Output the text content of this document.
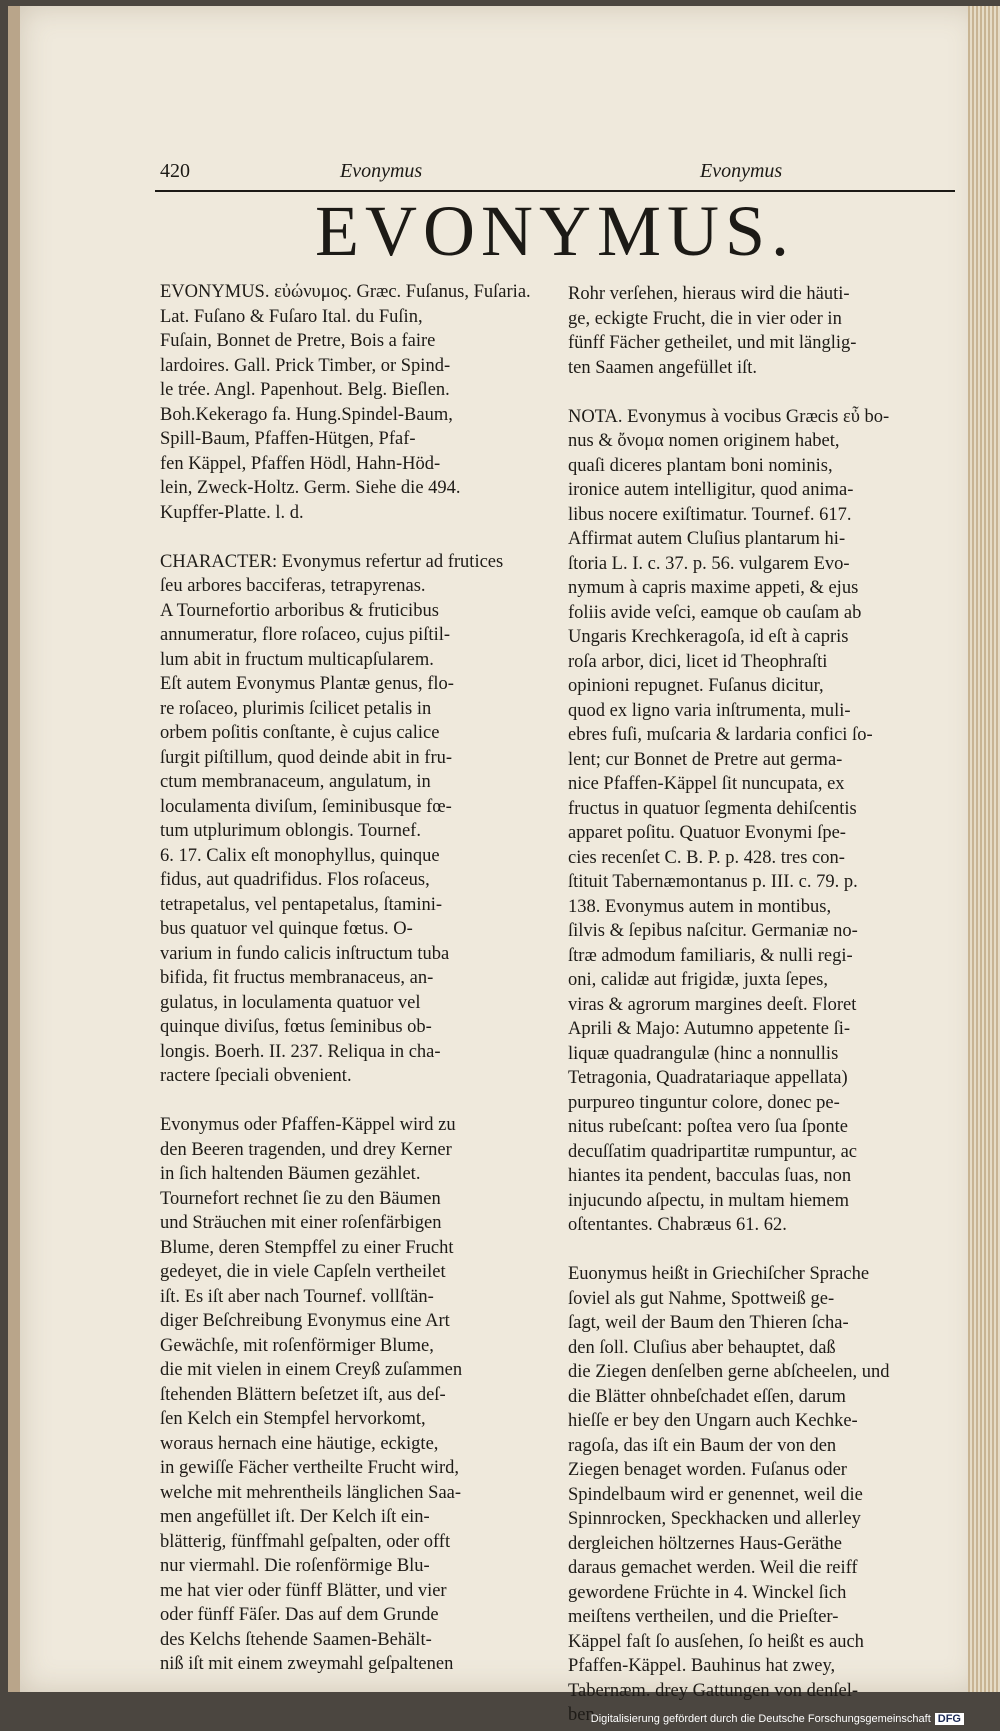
420	Evonymus	Evonymus
EVONYMUS.

EVONYMUS. εὐώνυμος. Græc. Fuſanus, Fuſaria.

Lat. Fuſano & Fuſaro Ital. du Fuſin,

Fuſain, Bonnet de Pretre, Bois a faire

lardoires. Gall. Prick Timber, or Spind-

le trée. Angl. Papenhout. Belg. Bieſlen.

Boh.Kekerago fa. Hung.Spindel-Baum,

Spill-Baum, Pfaffen-Hütgen, Pfaf-

fen Käppel, Pfaffen Hödl, Hahn-Höd-

lein, Zweck-Holtz. Germ. Siehe die 494.

Kupffer-Platte. l. d.

CHARACTER: Evonymus refertur ad frutices

ſeu arbores bacciferas, tetrapyrenas.

A Tournefortio arboribus & fruticibus

annumeratur, flore roſaceo, cujus piſtil-

lum abit in fructum multicapſularem.

Eſt autem Evonymus Plantæ genus, flo-

re roſaceo, plurimis ſcilicet petalis in

orbem poſitis conſtante, è cujus calice

ſurgit piſtillum, quod deinde abit in fru-

ctum membranaceum, angulatum, in

loculamenta diviſum, ſeminibusque fœ-

tum utplurimum oblongis. Tournef.

6. 17. Calix eſt monophyllus, quinque

fidus, aut quadrifidus. Flos roſaceus,

tetrapetalus, vel pentapetalus, ſtamini-

bus quatuor vel quinque fœtus. O-

varium in fundo calicis inſtructum tuba

bifida, fit fructus membranaceus, an-

gulatus, in loculamenta quatuor vel

quinque diviſus, fœtus ſeminibus ob-

longis. Boerh. II. 237. Reliqua in cha-

ractere ſpeciali obvenient.

Evonymus oder Pfaffen-Käppel wird zu

den Beeren tragenden, und drey Kerner

in ſich haltenden Bäumen gezählet.

Tournefort rechnet ſie zu den Bäumen

und Sträuchen mit einer roſenfärbigen

Blume, deren Stempffel zu einer Frucht

gedeyet, die in viele Capſeln vertheilet

iſt. Es iſt aber nach Tournef. vollſtän-

diger Beſchreibung Evonymus eine Art

Gewächſe, mit roſenförmiger Blume,

die mit vielen in einem Creyß zuſammen

ſtehenden Blättern beſetzet iſt, aus deſ-

ſen Kelch ein Stempfel hervorkomt,

woraus hernach eine häutige, eckigte,

in gewiſſe Fächer vertheilte Frucht wird,

welche mit mehrentheils länglichen Saa-

men angefüllet iſt. Der Kelch iſt ein-

blätterig, fünffmahl geſpalten, oder offt

nur viermahl. Die roſenförmige Blu-

me hat vier oder fünff Blätter, und vier

oder fünff Fäſer. Das auf dem Grunde

des Kelchs ſtehende Saamen-Behält-

niß iſt mit einem zweymahl geſpaltenen

Rohr verſehen, hieraus wird die häuti-

ge, eckigte Frucht, die in vier oder in

fünff Fächer getheilet, und mit länglig-

ten Saamen angefüllet iſt.

NOTA. Evonymus à vocibus Græcis εὖ bo-

nus & ὄνομα nomen originem habet,

quaſi diceres plantam boni nominis,

ironice autem intelligitur, quod anima-

libus nocere exiſtimatur. Tournef. 617.

Affirmat autem Cluſius plantarum hi-

ſtoria L. I. c. 37. p. 56. vulgarem Evo-

nymum à capris maxime appeti, & ejus

foliis avide veſci, eamque ob cauſam ab

Ungaris Krechkeragoſa, id eſt à capris

roſa arbor, dici, licet id Theophraſti

opinioni repugnet. Fuſanus dicitur,

quod ex ligno varia inſtrumenta, muli-

ebres fuſi, muſcaria & lardaria confici ſo-

lent; cur Bonnet de Pretre aut germa-

nice Pfaffen-Käppel ſit nuncupata, ex

fructus in quatuor ſegmenta dehiſcentis

apparet poſitu. Quatuor Evonymi ſpe-

cies recenſet C. B. P. p. 428. tres con-

ſtituit Tabernæmontanus p. III. c. 79. p.

138. Evonymus autem in montibus,

ſilvis & ſepibus naſcitur. Germaniæ no-

ſtræ admodum familiaris, & nulli regi-

oni, calidæ aut frigidæ, juxta ſepes,

viras & agrorum margines deeſt. Floret

Aprili & Majo: Autumno appetente ſi-

liquæ quadrangulæ (hinc a nonnullis

Tetragonia, Quadratariaque appellata)

purpureo tinguntur colore, donec pe-

nitus rubeſcant: poſtea vero ſua ſponte

decuſſatim quadripartitæ rumpuntur, ac

hiantes ita pendent, bacculas ſuas, non

injucundo aſpectu, in multam hiemem

oſtentantes. Chabræus 61. 62.

Euonymus heißt in Griechiſcher Sprache

ſoviel als gut Nahme, Spottweiß ge-

ſagt, weil der Baum den Thieren ſcha-

den ſoll. Cluſius aber behauptet, daß

die Ziegen denſelben gerne abſcheelen, und

die Blätter ohnbeſchadet eſſen, darum

hieſſe er bey den Ungarn auch Kechke-

ragoſa, das iſt ein Baum der von den

Ziegen benaget worden. Fuſanus oder

Spindelbaum wird er genennet, weil die

Spinnrocken, Speckhacken und allerley

dergleichen höltzernes Haus-Geräthe

daraus gemachet werden. Weil die reiff

gewordene Früchte in 4. Winckel ſich

meiſtens vertheilen, und die Prieſter-

Käppel faſt ſo ausſehen, ſo heißt es auch

Pfaffen-Käppel. Bauhinus hat zwey,

Tabernæm. drey Gattungen von denſel-

ben

Digitalisierung gefördert durch die Deutsche Forschungsgemeinschaft DFG
